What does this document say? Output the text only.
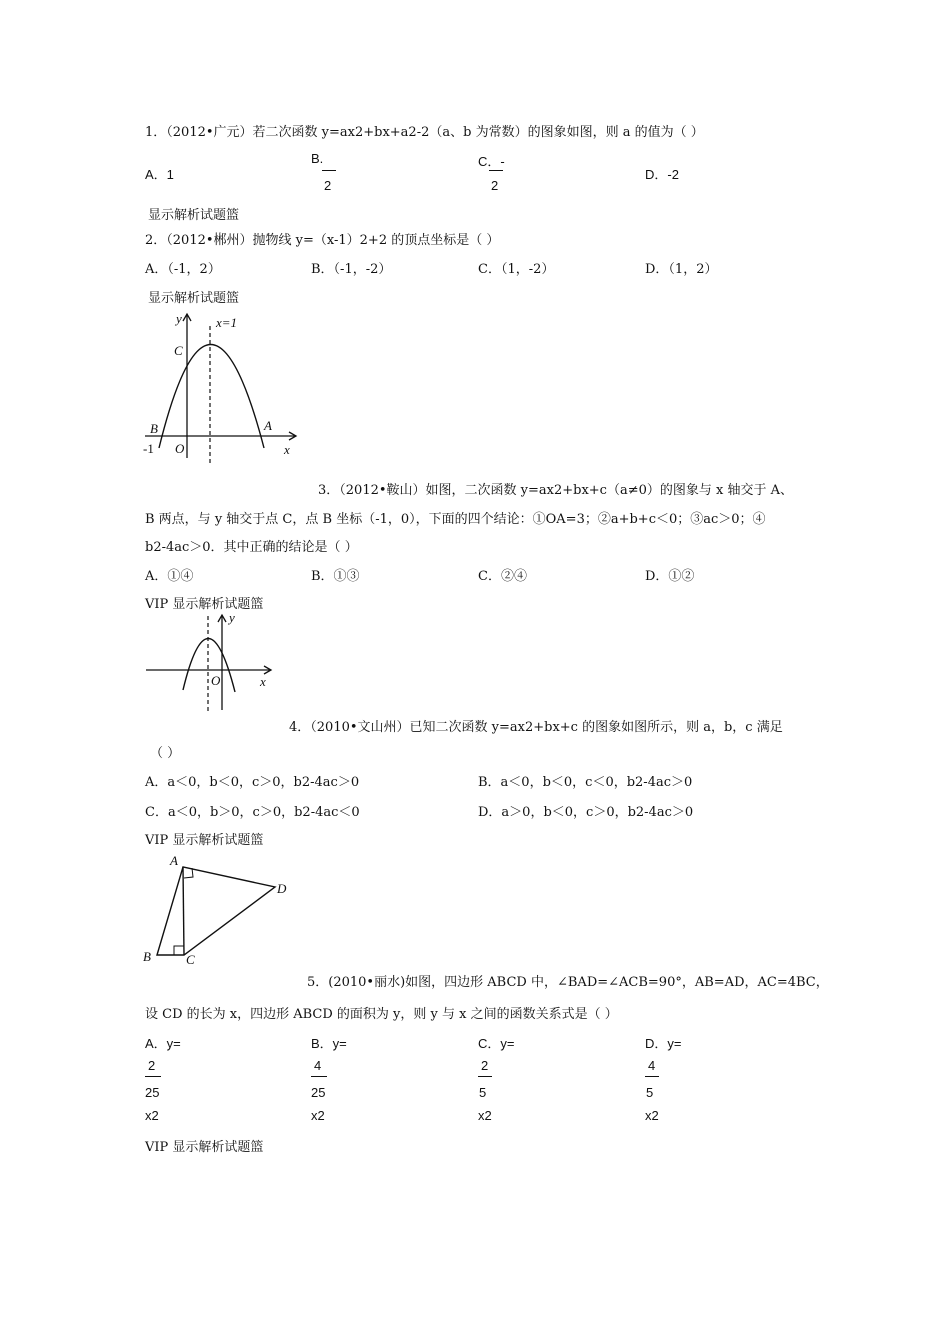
1．（2012•广元）若二次函数 y=ax2+bx+a2-2（a、b 为常数）的图象如图，则 a 的值为（ ）
A．1
B.
2
C．-
2
D．-2
显示解析试题篮
2．（2012•郴州）抛物线 y=（x-1）2+2 的顶点坐标是（ ）
A．（-1，2）	B．（-1，-2）	C．（1，-2）	D．（1，2）
显示解析试题篮
y	x=1
C
B	A
O
-1	x
3．（2012•鞍山）如图，二次函数 y=ax2+bx+c（a≠0）的图象与 x 轴交于 A、
B 两点，与 y 轴交于点 C，点 B 坐标（-1，0），下面的四个结论：①OA=3；②a+b+c＜0；③ac＞0；④
b2-4ac＞0．其中正确的结论是（ ）
A．①④	B．①③	C．②④	D．①②
VIP 显示解析试题篮
y
O	x
4．（2010•文山州）已知二次函数 y=ax2+bx+c 的图象如图所示，则 a，b，c 满足
（ ）
A．a＜0，b＜0，c＞0，b2-4ac＞0	B．a＜0，b＜0，c＜0，b2-4ac＞0
C．a＜0，b＞0，c＞0，b2-4ac＜0	D．a＞0，b＜0，c＞0，b2-4ac＞0
VIP 显示解析试题篮
A
D
B	C
5．(2010•丽水)如图，四边形 ABCD 中，∠BAD=∠ACB=90°，AB=AD，AC=4BC，
设 CD 的长为 x，四边形 ABCD 的面积为 y，则 y 与 x 之间的函数关系式是（ ）
A．y=
2
25
x2
B．y=
4
25
x2
C．y=
2
5
x2
D．y=
4
5
x2
VIP 显示解析试题篮
